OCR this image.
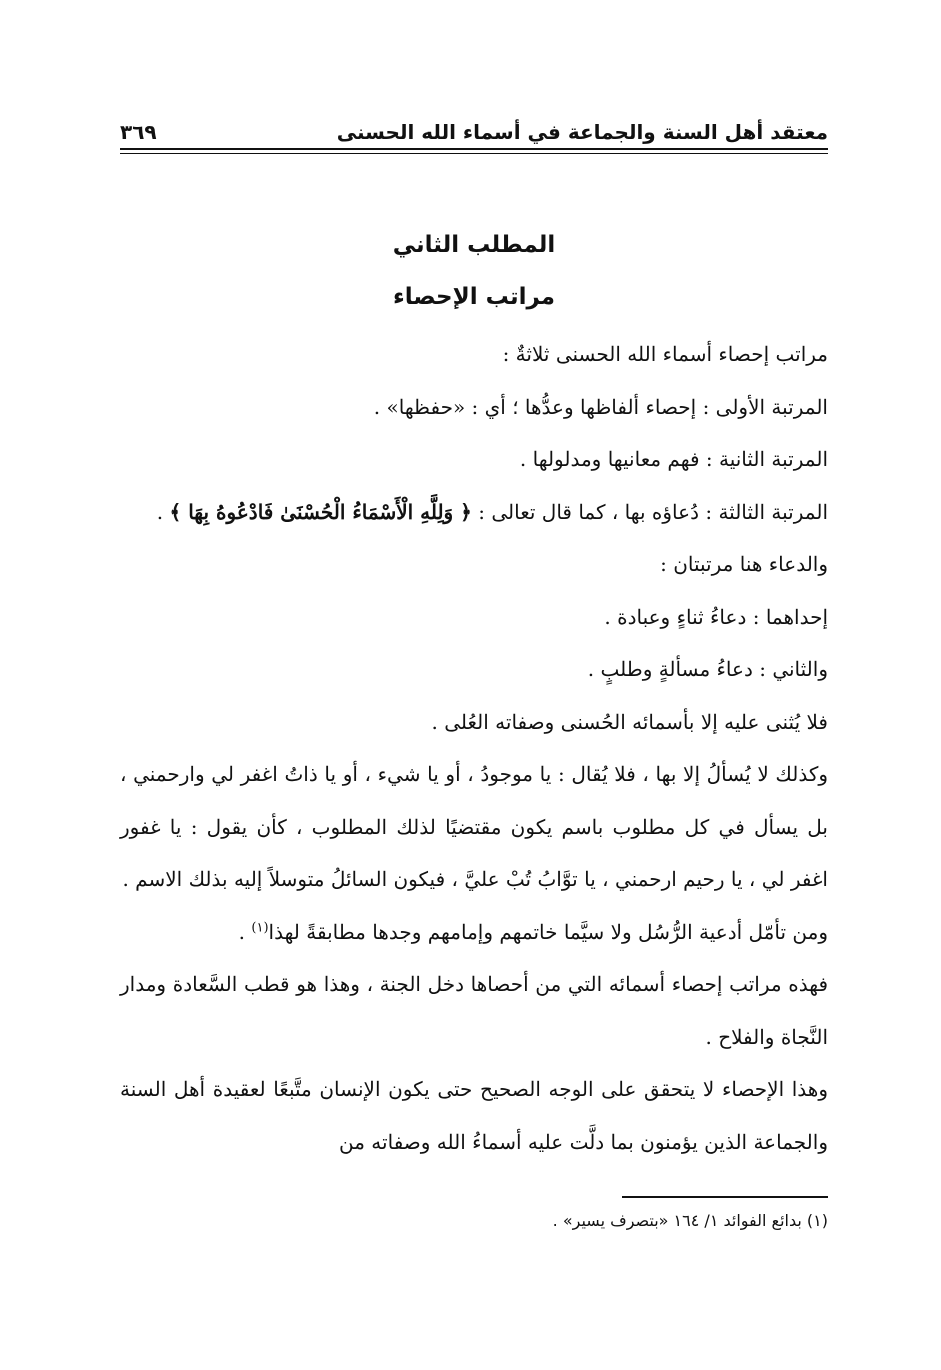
معتقد أهل السنة والجماعة في أسماء الله الحسنى
٣٦٩
المطلب الثاني
مراتب الإحصاء

مراتب إحصاء أسماء الله الحسنى ثلاثةٌ :

المرتبة الأولى : إحصاء ألفاظها وعدُّها ؛ أي : «حفظها» .

المرتبة الثانية : فهم معانيها ومدلولها .

المرتبة الثالثة : دُعاؤه بها ، كما قال تعالى : ﴿ وَلِلَّهِ الْأَسْمَاءُ الْحُسْنَىٰ فَادْعُوهُ بِهَا ﴾ .

والدعاء هنا مرتبتان :

إحداهما : دعاءُ ثناءٍ وعبادة .

والثاني : دعاءُ مسألةٍ وطلبٍ .

فلا يُثنى عليه إلا بأسمائه الحُسنى وصفاته العُلى .

وكذلك لا يُسألُ إلا بها ، فلا يُقال : يا موجودُ ، أو يا شيء ، أو يا ذاتُ اغفر لي وارحمني ، بل يسأل في كل مطلوب باسم يكون مقتضيًا لذلك المطلوب ، كأن يقول : يا غفور اغفر لي ، يا رحيم ارحمني ، يا توَّابُ تُبْ عليَّ ، فيكون السائلُ متوسلاً إليه بذلك الاسم .

ومن تأمّل أدعية الرُّسُل ولا سيَّما خاتمهم وإمامهم وجدها مطابقةً لهذا$^{(١)}$ .

فهذه مراتب إحصاء أسمائه التي من أحصاها دخل الجنة ، وهذا هو قطب السَّعادة ومدار النَّجاة والفلاح .

وهذا الإحصاء لا يتحقق على الوجه الصحيح حتى يكون الإنسان متَّبعًا لعقيدة أهل السنة والجماعة الذين يؤمنون بما دلَّت عليه أسماءُ الله وصفاته من

(١) بدائع الفوائد ١/ ١٦٤ «بتصرف يسير» .
